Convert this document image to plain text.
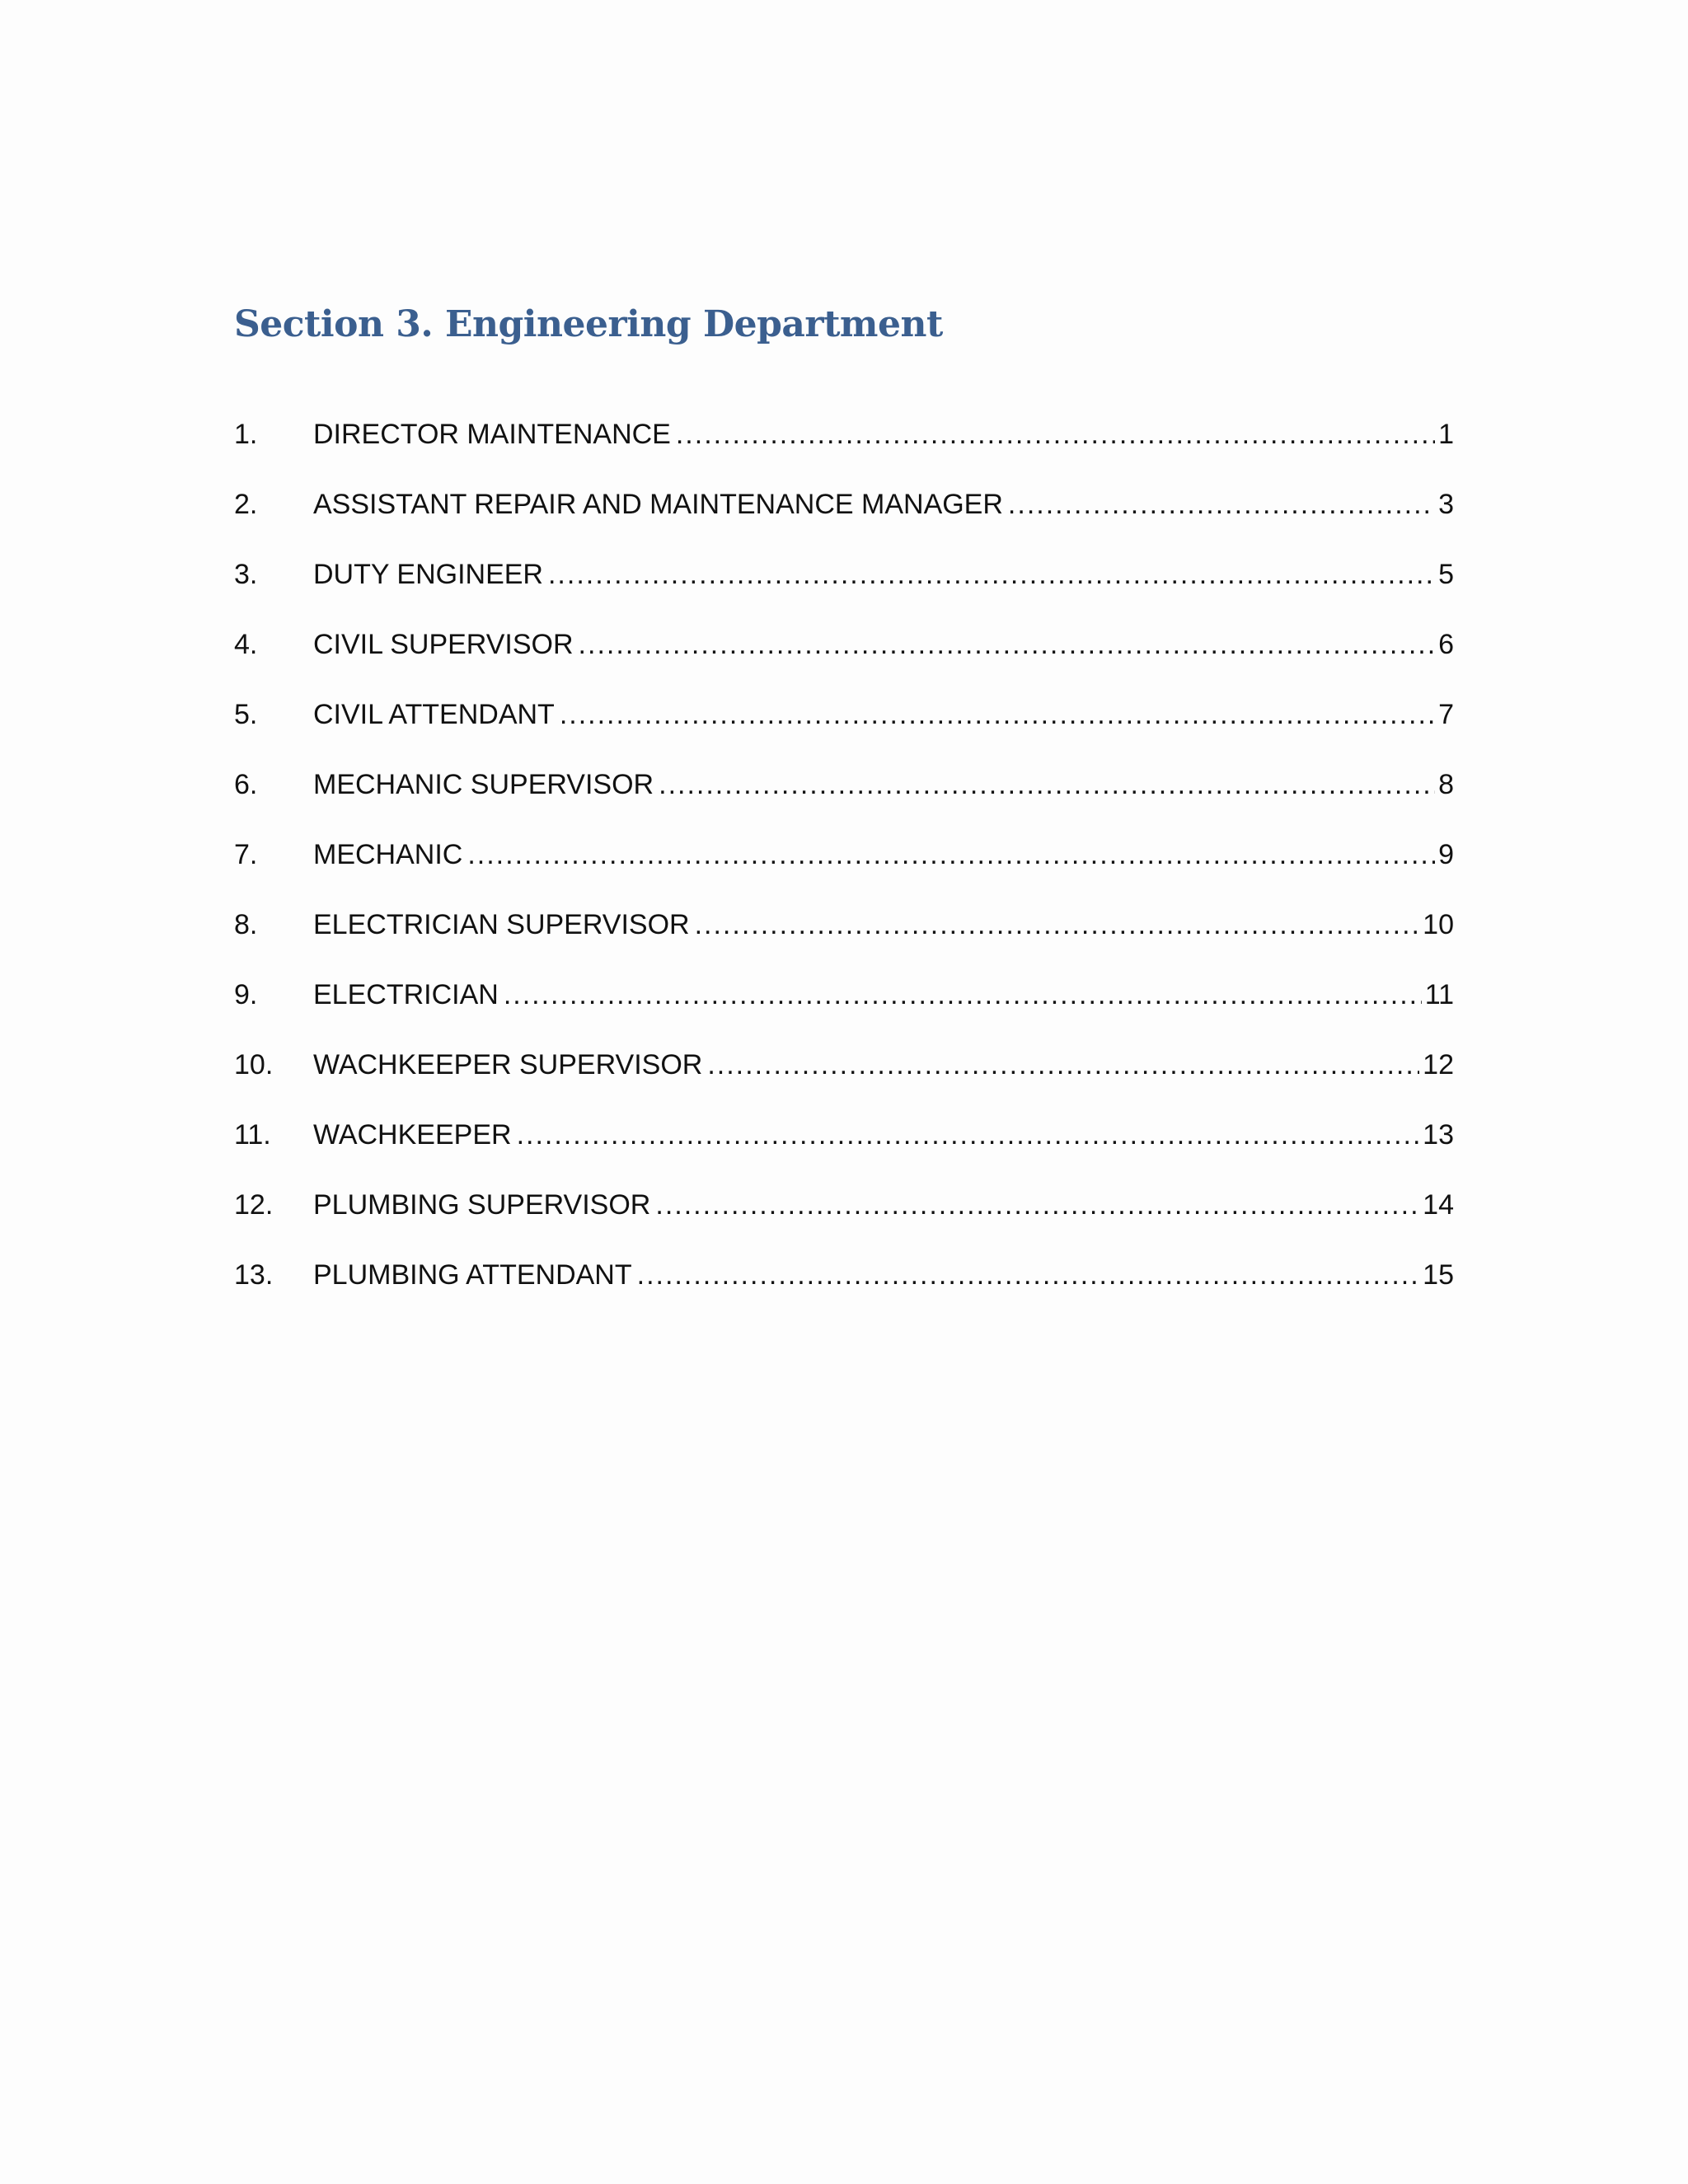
Section 3. Engineering Department
1.	DIRECTOR MAINTENANCE .....	1
2.	ASSISTANT REPAIR AND MAINTENANCE MANAGER .....	3
3.	DUTY ENGINEER .....	5
4.	CIVIL SUPERVISOR .....	6
5.	CIVIL ATTENDANT .....	7
6.	MECHANIC SUPERVISOR .....	8
7.	MECHANIC .....	9
8.	ELECTRICIAN SUPERVISOR .....	10
9.	ELECTRICIAN .....	11
10.	WACHKEEPER SUPERVISOR .....	12
11.	WACHKEEPER .....	13
12.	PLUMBING SUPERVISOR .....	14
13.	PLUMBING ATTENDANT .....	15
